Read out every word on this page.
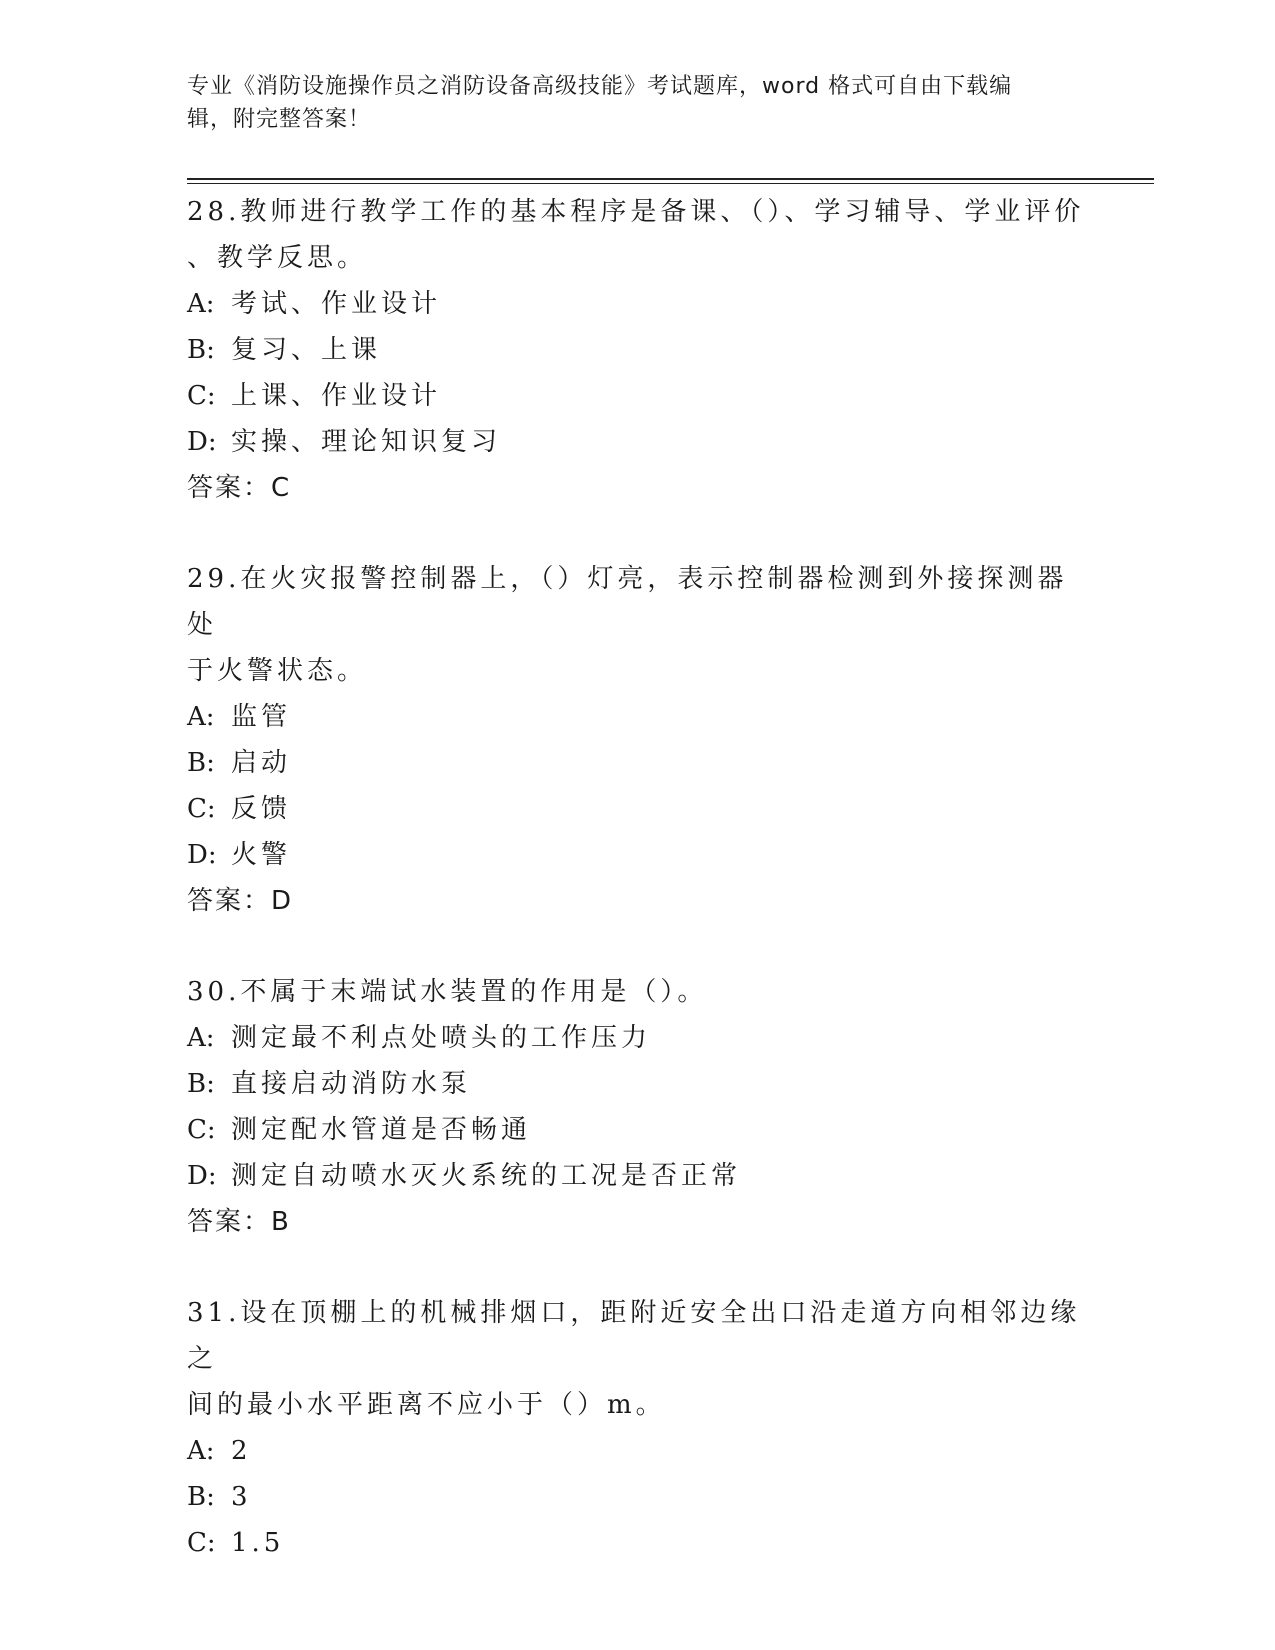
专业《消防设施操作员之消防设备高级技能》考试题库，word 格式可自由下载编
辑，附完整答案！

28.教师进行教学工作的基本程序是备课、（）、学习辅导、学业评价

、教学反思。

A: 考试、作业设计

B: 复习、上课

C: 上课、作业设计

D: 实操、理论知识复习

答案：C

29.在火灾报警控制器上，（）灯亮，表示控制器检测到外接探测器处

于火警状态。

A: 监管

B: 启动

C: 反馈

D: 火警

答案：D

30.不属于末端试水装置的作用是（）。

A: 测定最不利点处喷头的工作压力

B: 直接启动消防水泵

C: 测定配水管道是否畅通

D: 测定自动喷水灭火系统的工况是否正常

答案：B

31.设在顶棚上的机械排烟口，距附近安全出口沿走道方向相邻边缘之

间的最小水平距离不应小于（）m。

A: 2

B: 3

C: 1.5
